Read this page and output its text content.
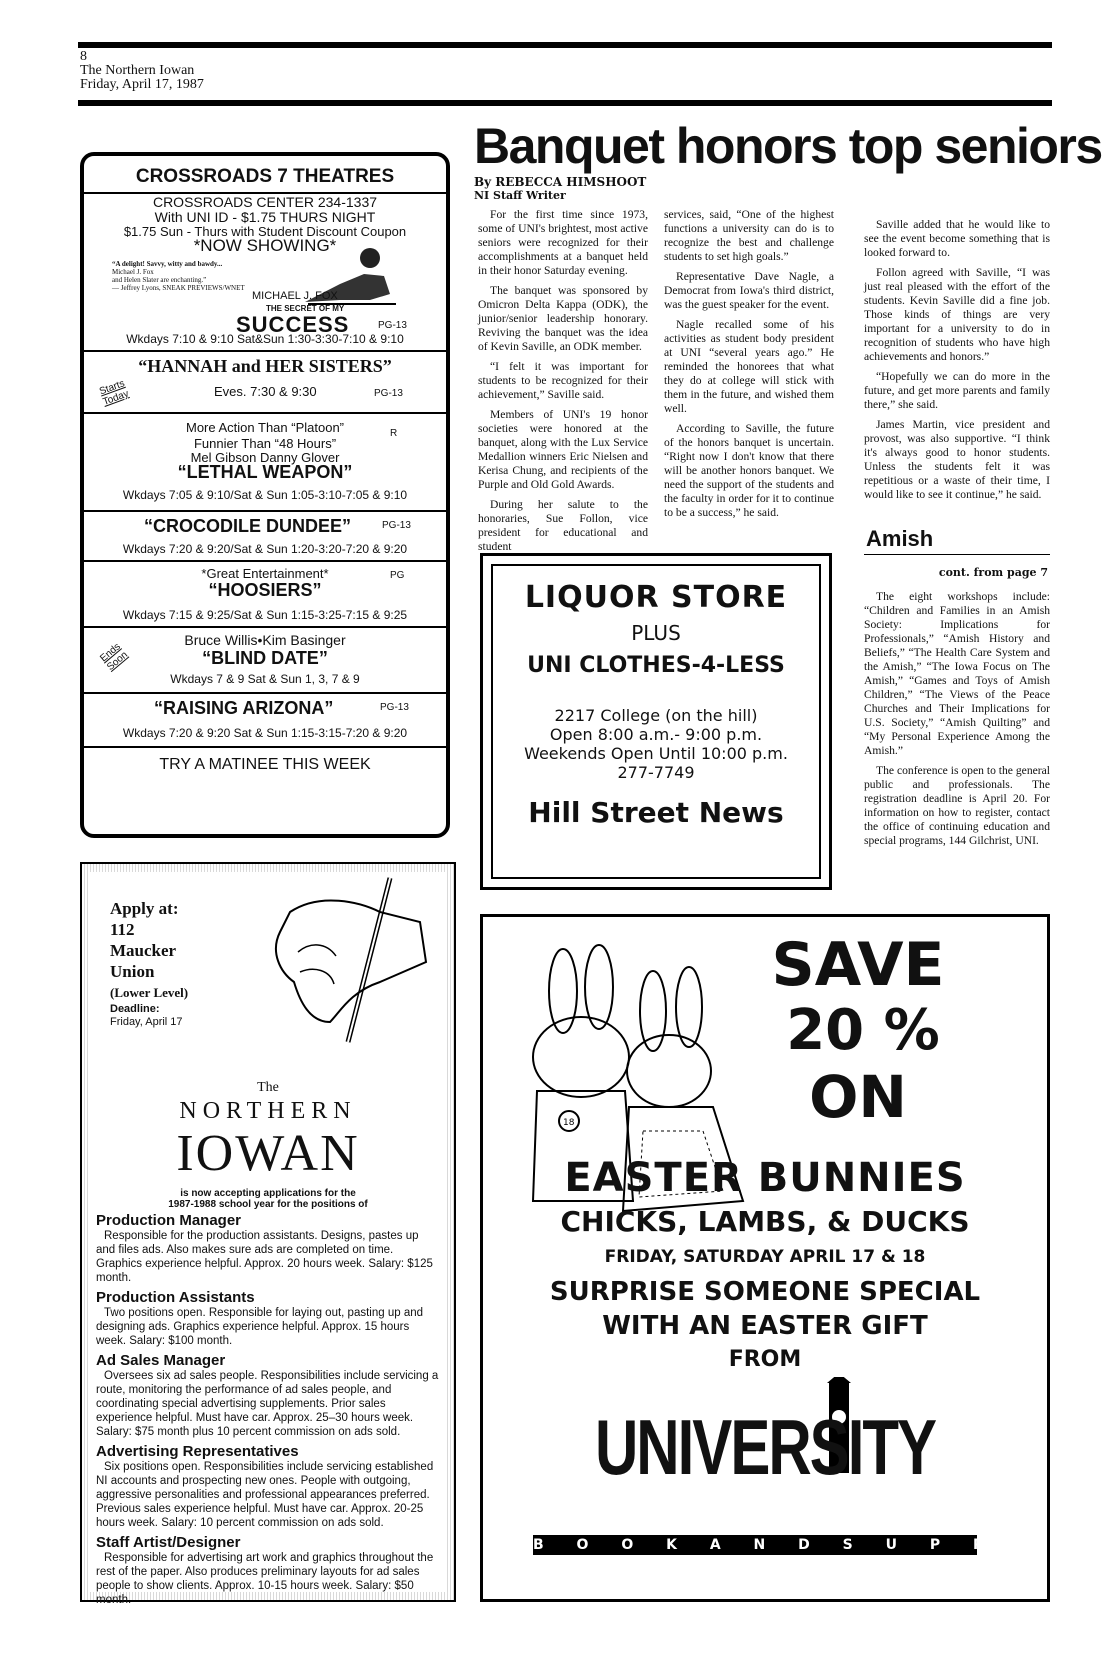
8
The Northern Iowan
Friday, April 17, 1987
Banquet honors top seniors
By REBECCA HIMSHOOT
NI Staff Writer

For the first time since 1973, some of UNI's brightest, most active seniors were recognized for their accomplishments at a banquet held in their honor Saturday evening.

The banquet was sponsored by Omicron Delta Kappa (ODK), the junior/senior leadership honorary. Reviving the banquet was the idea of Kevin Saville, an ODK member.

“I felt it was important for students to be recognized for their achievement,” Saville said.

Members of UNI's 19 honor societies were honored at the banquet, along with the Lux Service Medallion winners Eric Nielsen and Kerisa Chung, and recipients of the Purple and Old Gold Awards.

During her salute to the honoraries, Sue Follon, vice president for educational and student

services, said, “One of the highest functions a university can do is to recognize the best and challenge students to set high goals.”

Representative Dave Nagle, a Democrat from Iowa's third district, was the guest speaker for the event.

Nagle recalled some of his activities as student body president at UNI “several years ago.” He reminded the honorees that what they do at college will stick with them in the future, and wished them well.

According to Saville, the future of the honors banquet is uncertain. “Right now I don't know that there will be another honors banquet. We need the support of the students and the faculty in order for it to continue to be a success,” he said.

Saville added that he would like to see the event become something that is looked forward to.

Follon agreed with Saville, “I was just real pleased with the effort of the students. Kevin Saville did a fine job. Those kinds of things are very important for a university to do in recognition of students who have high achievements and honors.”

“Hopefully we can do more in the future, and get more parents and family there,” she said.

James Martin, vice president and provost, was also supportive. “I think it's always good to honor students. Unless the students felt it was repetitious or a waste of their time, I would like to see it continue,” he said.

Amish
cont. from page 7

The eight workshops include: “Children and Families in an Amish Society: Implications for Professionals,” “Amish History and Beliefs,” “The Health Care System and the Amish,” “The Iowa Focus on The Amish,” “Games and Toys of Amish Children,” “The Views of the Peace Churches and Their Implications for U.S. Society,” “Amish Quilting” and “My Personal Experience Among the Amish.”

The conference is open to the general public and professionals. The registration deadline is April 20. For information on how to register, contact the office of continuing education and special programs, 144 Gilchrist, UNI.

CROSSROADS 7 THEATRES
CROSSROADS CENTER 234-1337
With UNI ID - $1.75 THURS NIGHT
$1.75 Sun - Thurs with Student Discount Coupon
*NOW SHOWING*
“A delight! Savvy, witty and bawdy...
Michael J. Fox
and Helen Slater are enchanting.”
— Jeffrey Lyons, SNEAK PREVIEWS/WNET
MICHAEL J. FOX
THE SECRET OF MY
SUCCESS	PG-13
Wkdays 7:10 & 9:10 Sat&Sun 1:30-3:30-7:10 & 9:10
“HANNAH and HER SISTERS”
Starts Today	Eves. 7:30 & 9:30	PG-13
More Action Than “Platoon”
Funnier Than “48 Hours”
R
Mel Gibson Danny Glover
“LETHAL WEAPON”
Wkdays 7:05 & 9:10/Sat & Sun 1:05-3:10-7:05 & 9:10
“CROCODILE DUNDEE”	PG-13
Wkdays 7:20 & 9:20/Sat & Sun 1:20-3:20-7:20 & 9:20
*Great Entertainment*	PG
“HOOSIERS”
Wkdays 7:15 & 9:25/Sat & Sun 1:15-3:25-7:15 & 9:25
Bruce Willis•Kim Basinger
“BLIND DATE”
Ends Soon
Wkdays 7 & 9 Sat & Sun 1, 3, 7 & 9
“RAISING ARIZONA”	PG-13
Wkdays 7:20 & 9:20 Sat & Sun 1:15-3:15-7:20 & 9:20
TRY A MATINEE THIS WEEK
LIQUOR STORE
PLUS
UNI CLOTHES-4-LESS
2217 College (on the hill)
Open 8:00 a.m.- 9:00 p.m.
Weekends Open Until 10:00 p.m.
277-7749
Hill Street News
Apply at:
112
Maucker
Union
(Lower Level)
Deadline:
Friday, April 17
The
NORTHERN
IOWAN
is now accepting applications for the
1987-1988 school year for the positions of
Production Manager
Responsible for the production assistants. Designs, pastes up and files ads. Also makes sure ads are completed on time. Graphics experience helpful. Approx. 20 hours week. Salary: $125 month.
Production Assistants
Two positions open. Responsible for laying out, pasting up and designing ads. Graphics experience helpful. Approx. 15 hours week. Salary: $100 month.
Ad Sales Manager
Oversees six ad sales people. Responsibilities include servicing a route, monitoring the performance of ad sales people, and coordinating special advertising supplements. Prior sales experience helpful. Must have car. Approx. 25–30 hours week. Salary: $75 month plus 10 percent commission on ads sold.
Advertising Representatives
Six positions open. Responsibilities include servicing established NI accounts and prospecting new ones. People with outgoing, aggressive personalities and professional appearances preferred. Previous sales experience helpful. Must have car. Approx. 20-25 hours week. Salary: 10 percent commission on ads sold.
Staff Artist/Designer
Responsible for advertising art work and graphics throughout the rest of the paper. Also produces preliminary layouts for ad sales people to show clients. Approx. 10-15 hours week. Salary: $50 month.
18
SAVE
20 %
ON
EASTER BUNNIES
CHICKS, LAMBS, & DUCKS
FRIDAY, SATURDAY APRIL 17 & 18
SURPRISE SOMEONE SPECIAL
WITH AN EASTER GIFT
FROM
UNIVERSITY
B O O K A N D S U P P L Y
